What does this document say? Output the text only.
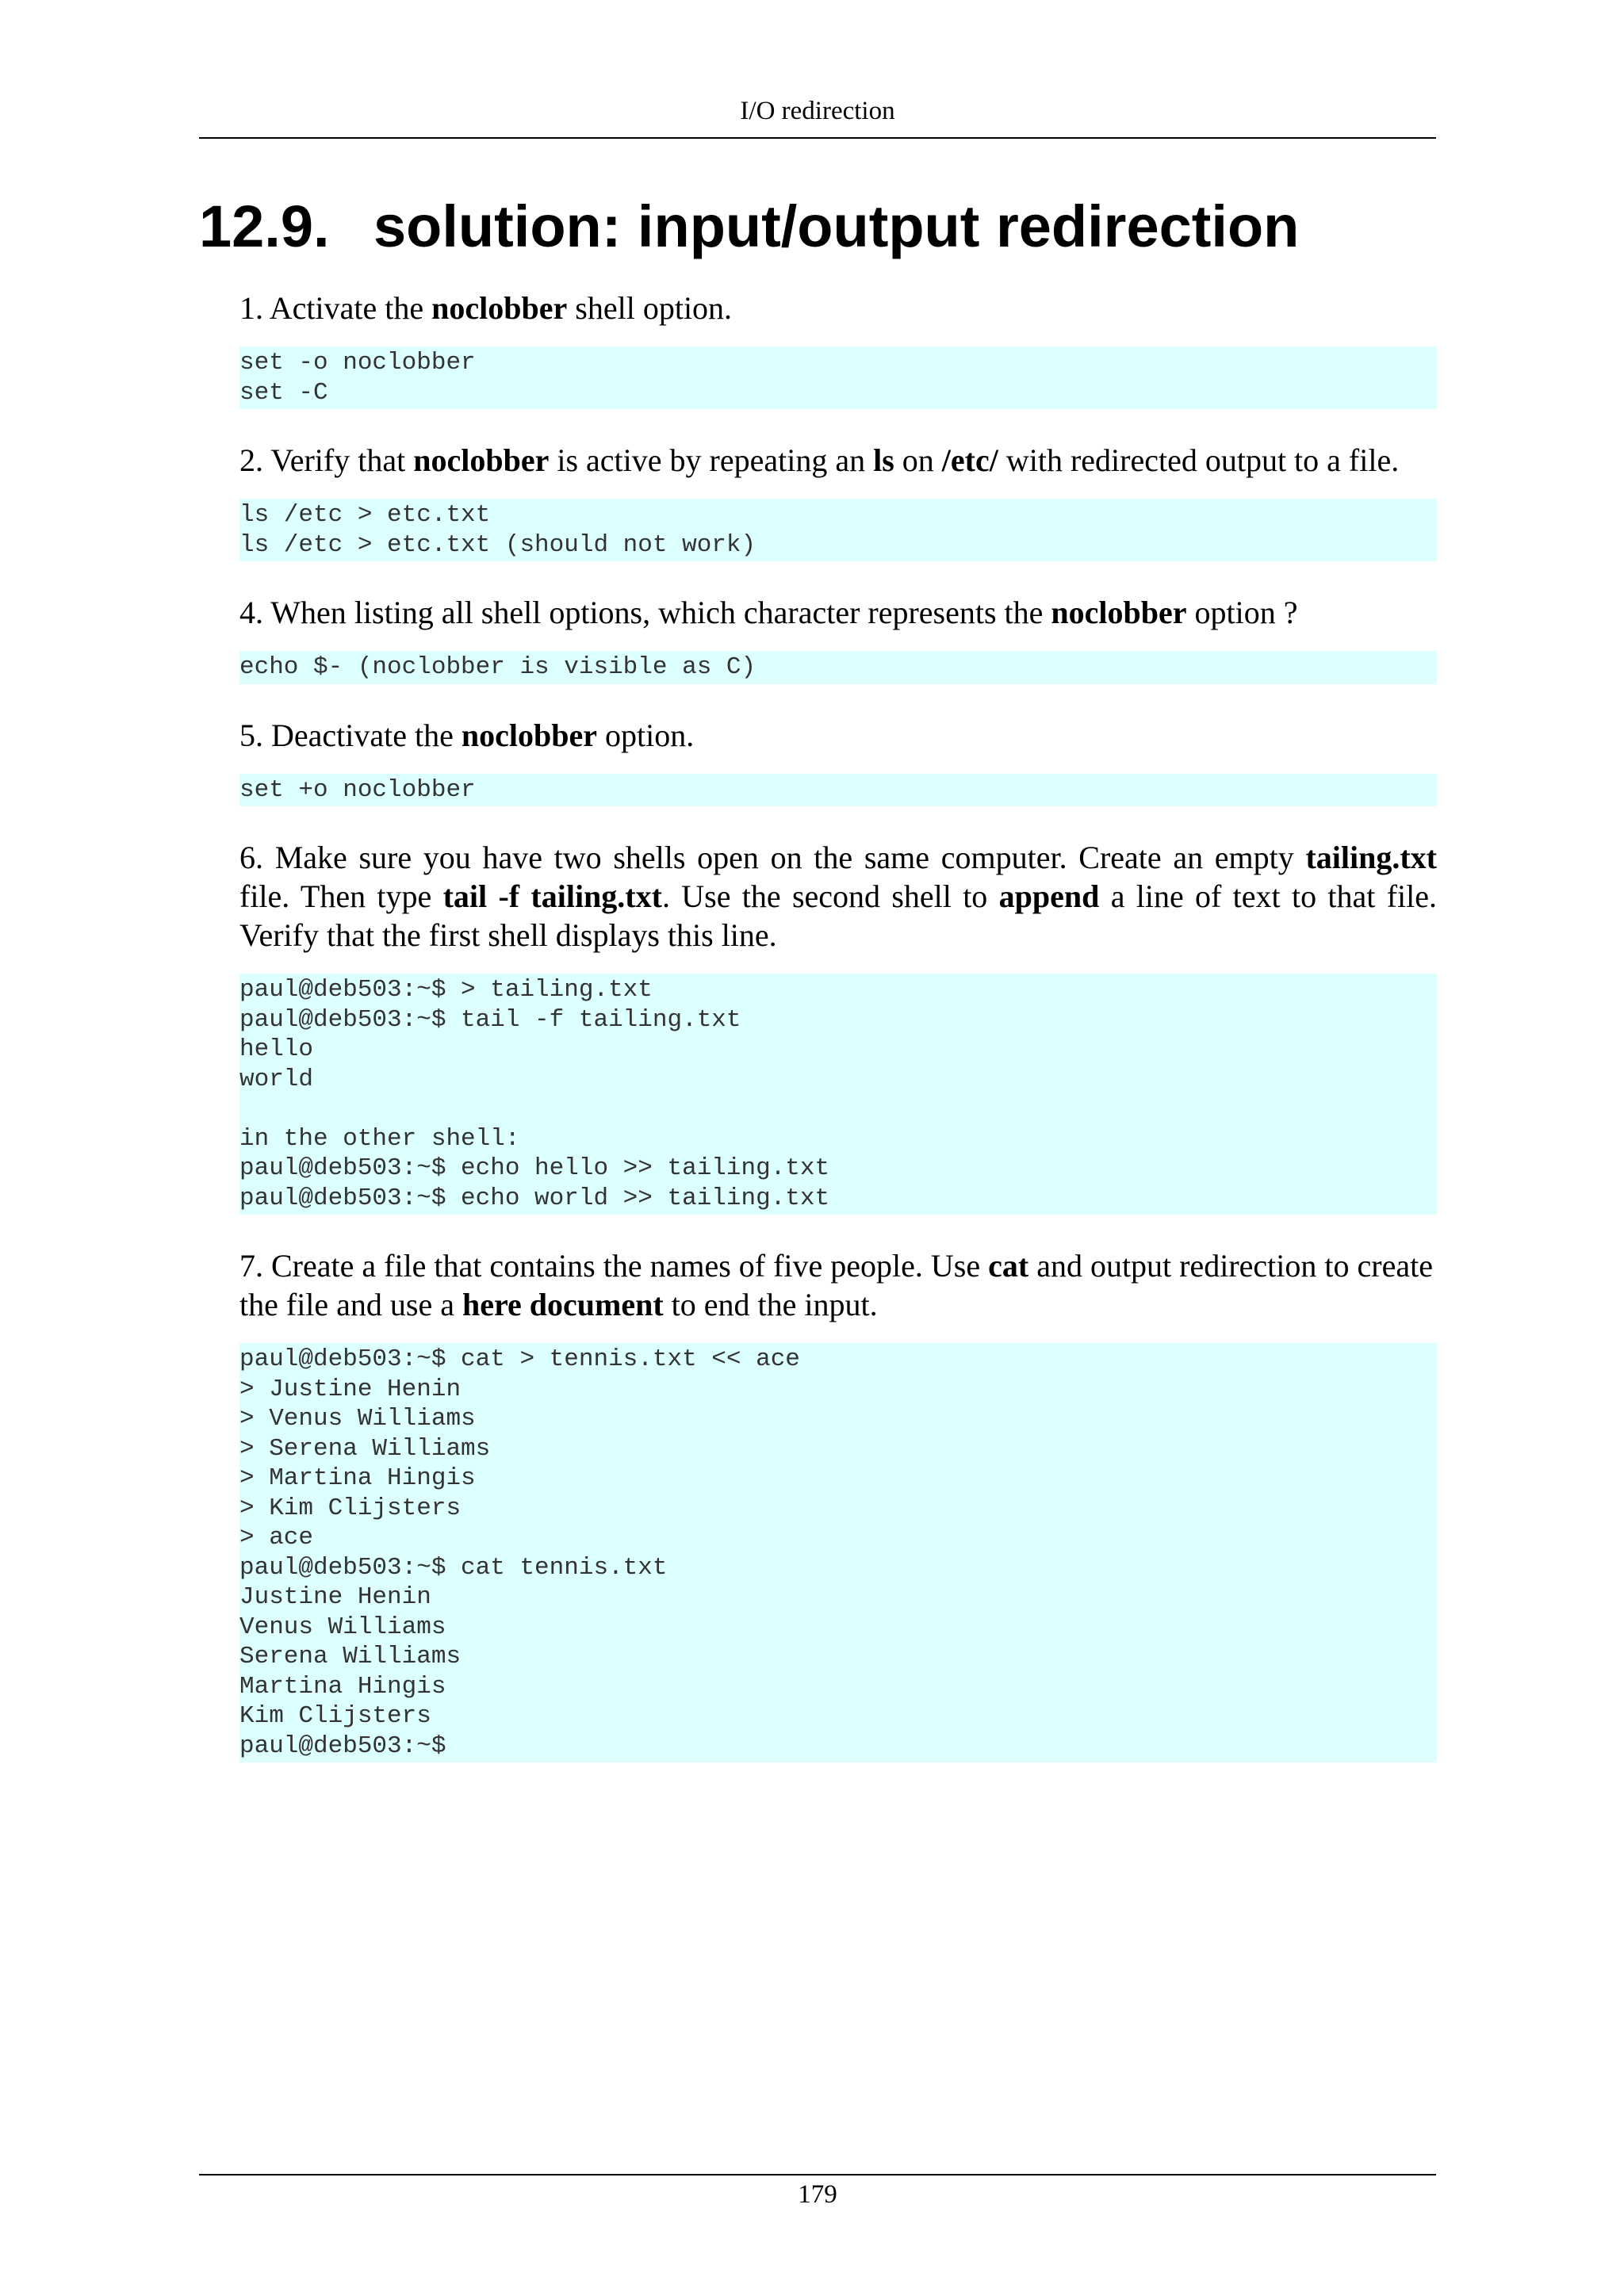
I/O redirection
12.9. solution: input/output redirection

1. Activate the noclobber shell option.

set -o noclobber
set -C

2. Verify that noclobber is active by repeating an ls on /etc/ with redirected output to a file.

ls /etc > etc.txt
ls /etc > etc.txt (should not work)

4. When listing all shell options, which character represents the noclobber option ?

echo $- (noclobber is visible as C)

5. Deactivate the noclobber option.

set +o noclobber

6. Make sure you have two shells open on the same computer. Create an empty tailing.txt file. Then type tail -f tailing.txt. Use the second shell to append a line of text to that file. Verify that the first shell displays this line.

paul@deb503:~$ > tailing.txt
paul@deb503:~$ tail -f tailing.txt
hello
world

in the other shell:
paul@deb503:~$ echo hello >> tailing.txt
paul@deb503:~$ echo world >> tailing.txt

7. Create a file that contains the names of five people. Use cat and output redirection to create the file and use a here document to end the input.

paul@deb503:~$ cat > tennis.txt << ace
> Justine Henin
> Venus Williams
> Serena Williams
> Martina Hingis
> Kim Clijsters
> ace
paul@deb503:~$ cat tennis.txt
Justine Henin
Venus Williams
Serena Williams
Martina Hingis
Kim Clijsters
paul@deb503:~$
179
